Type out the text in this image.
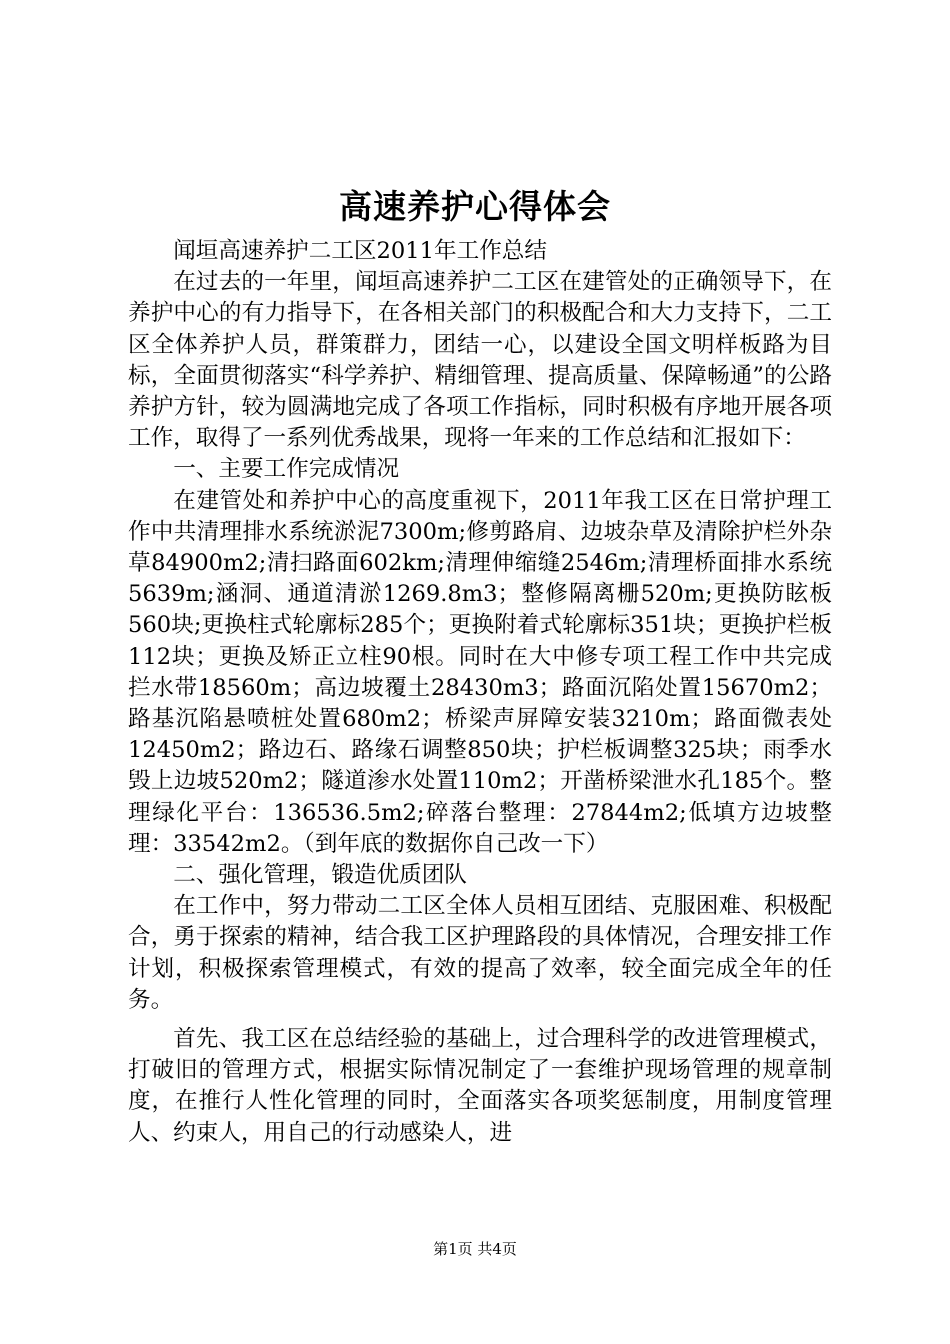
高速养护心得体会

闻垣高速养护二工区2011年工作总结

在过去的一年里，闻垣高速养护二工区在建管处的正确领导下，在养护中心的有力指导下，在各相关部门的积极配合和大力支持下，二工区全体养护人员，群策群力，团结一心，以建设全国文明样板路为目标，全面贯彻落实“科学养护、精细管理、提高质量、保障畅通”的公路养护方针，较为圆满地完成了各项工作指标，同时积极有序地开展各项工作，取得了一系列优秀战果，现将一年来的工作总结和汇报如下：

一、主要工作完成情况

在建管处和养护中心的高度重视下，2011年我工区在日常护理工作中共清理排水系统淤泥7300m;修剪路肩、边坡杂草及清除护栏外杂草84900m2;清扫路面602km;清理伸缩缝2546m;清理桥面排水系统5639m;涵洞、通道清淤1269.8m3；整修隔离栅520m;更换防眩板560块;更换柱式轮廓标285个；更换附着式轮廓标351块；更换护栏板112块；更换及矫正立柱90根。同时在大中修专项工程工作中共完成拦水带18560m；高边坡覆土28430m3；路面沉陷处置15670m2；路基沉陷悬喷桩处置680m2；桥梁声屏障安装3210m；路面微表处12450m2；路边石、路缘石调整850块；护栏板调整325块；雨季水毁上边坡520m2；隧道渗水处置110m2；开凿桥梁泄水孔185个。整理绿化平台：136536.5m2;碎落台整理：27844m2;低填方边坡整理：33542m2。（到年底的数据你自己改一下）

二、强化管理，锻造优质团队

在工作中，努力带动二工区全体人员相互团结、克服困难、积极配合，勇于探索的精神，结合我工区护理路段的具体情况，合理安排工作计划，积极探索管理模式，有效的提高了效率，较全面完成全年的任务。

首先、我工区在总结经验的基础上，过合理科学的改进管理模式，打破旧的管理方式，根据实际情况制定了一套维护现场管理的规章制度，在推行人性化管理的同时，全面落实各项奖惩制度，用制度管理人、约束人，用自己的行动感染人，进

第1页 共4页
